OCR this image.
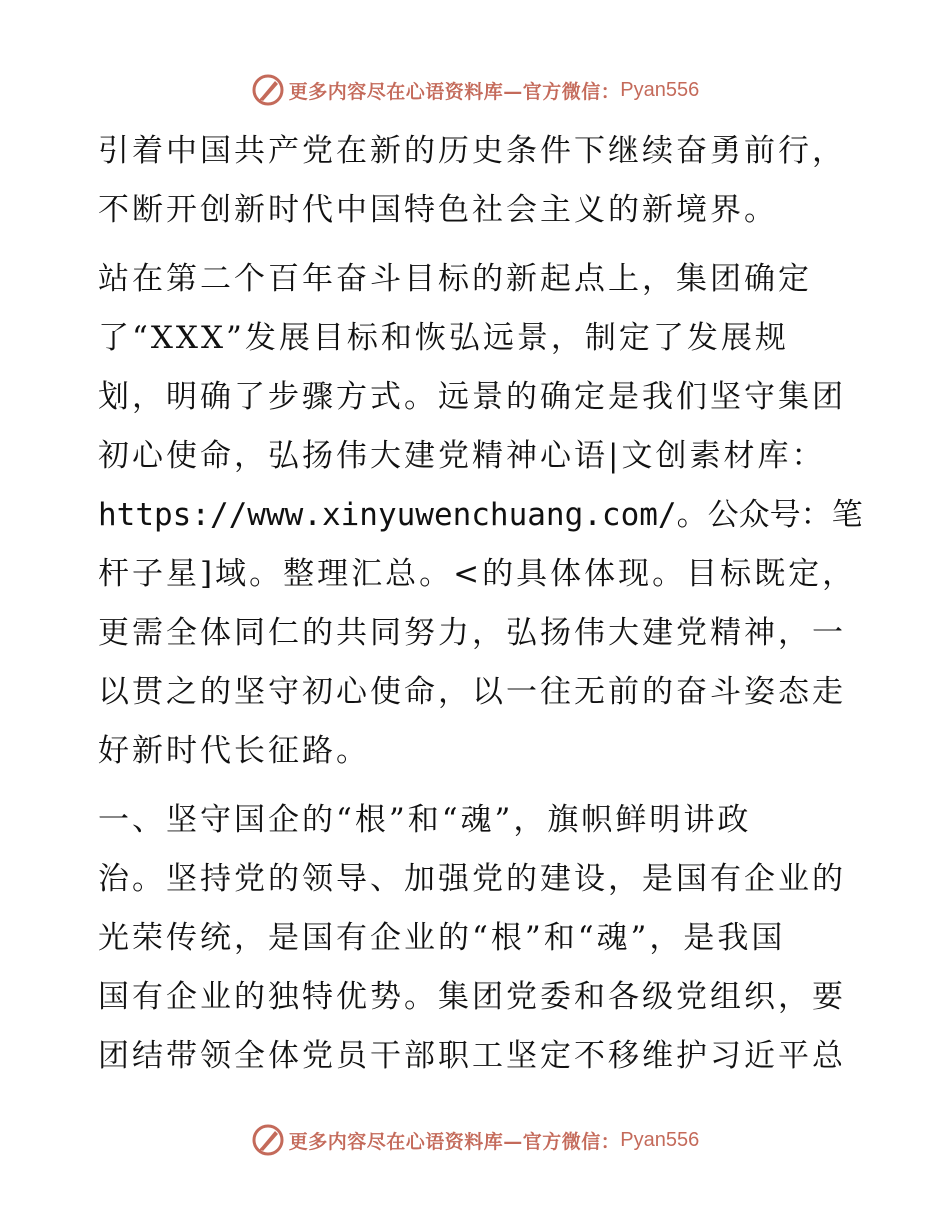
更多内容尽在心语资料库—官方微信： Pyan556

引着中国共产党在新的历史条件下继续奋勇前行，
不断开创新时代中国特色社会主义的新境界。

站在第二个百年奋斗目标的新起点上，集团确定
了“XXX”发展目标和恢弘远景，制定了发展规
划，明确了步骤方式。远景的确定是我们坚守集团
初心使命，弘扬伟大建党精神心语|文创素材库：
https://www.xinyuwenchuang.com/。公众号：笔
杆子星]域。整理汇总。<的具体体现。目标既定，
更需全体同仁的共同努力，弘扬伟大建党精神，一
以贯之的坚守初心使命，以一往无前的奋斗姿态走
好新时代长征路。

一、坚守国企的“根”和“魂”，旗帜鲜明讲政
治。坚持党的领导、加强党的建设，是国有企业的
光荣传统，是国有企业的“根”和“魂”，是我国
国有企业的独特优势。集团党委和各级党组织，要
团结带领全体党员干部职工坚定不移维护习近平总

更多内容尽在心语资料库—官方微信： Pyan556
